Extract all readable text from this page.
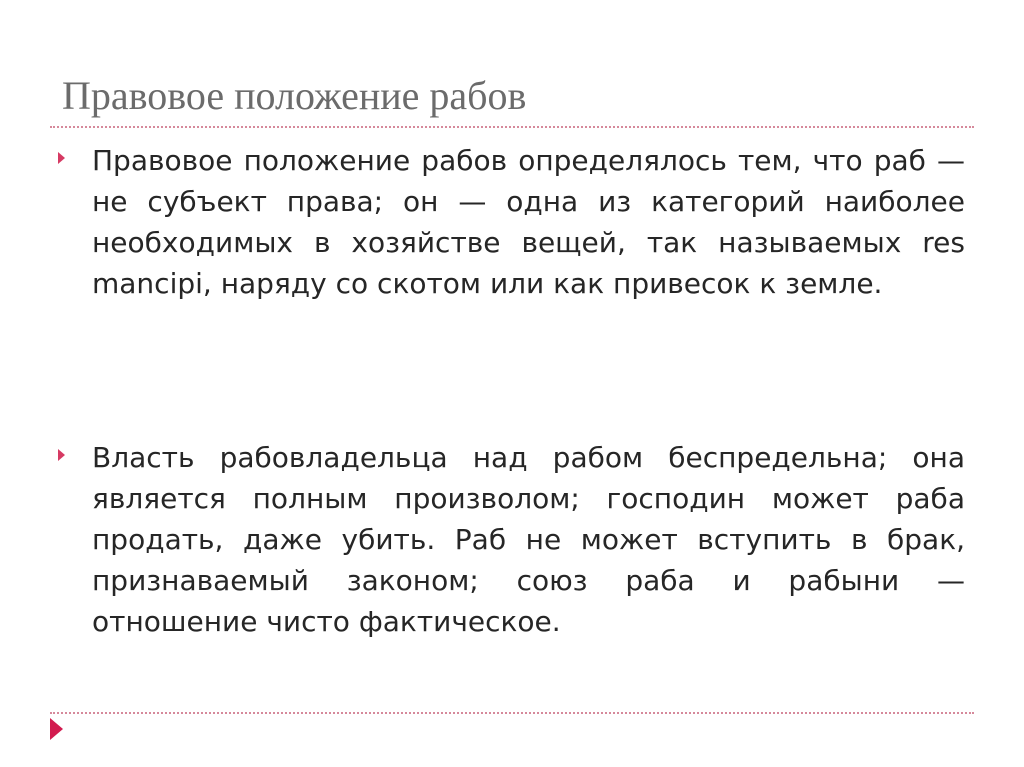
Правовое положение рабов
Правовое положение рабов определялось тем, что раб — не субъект права; он — одна из категорий наиболее необходимых в хозяйстве вещей, так называемых res mancipi, наряду со скотом или как привесок к земле.
Власть рабовладельца над рабом беспредельна; она является полным произволом; господин может раба продать, даже убить. Раб не может вступить в брак, признаваемый законом; союз раба и рабыни — отношение чисто фактическое.
